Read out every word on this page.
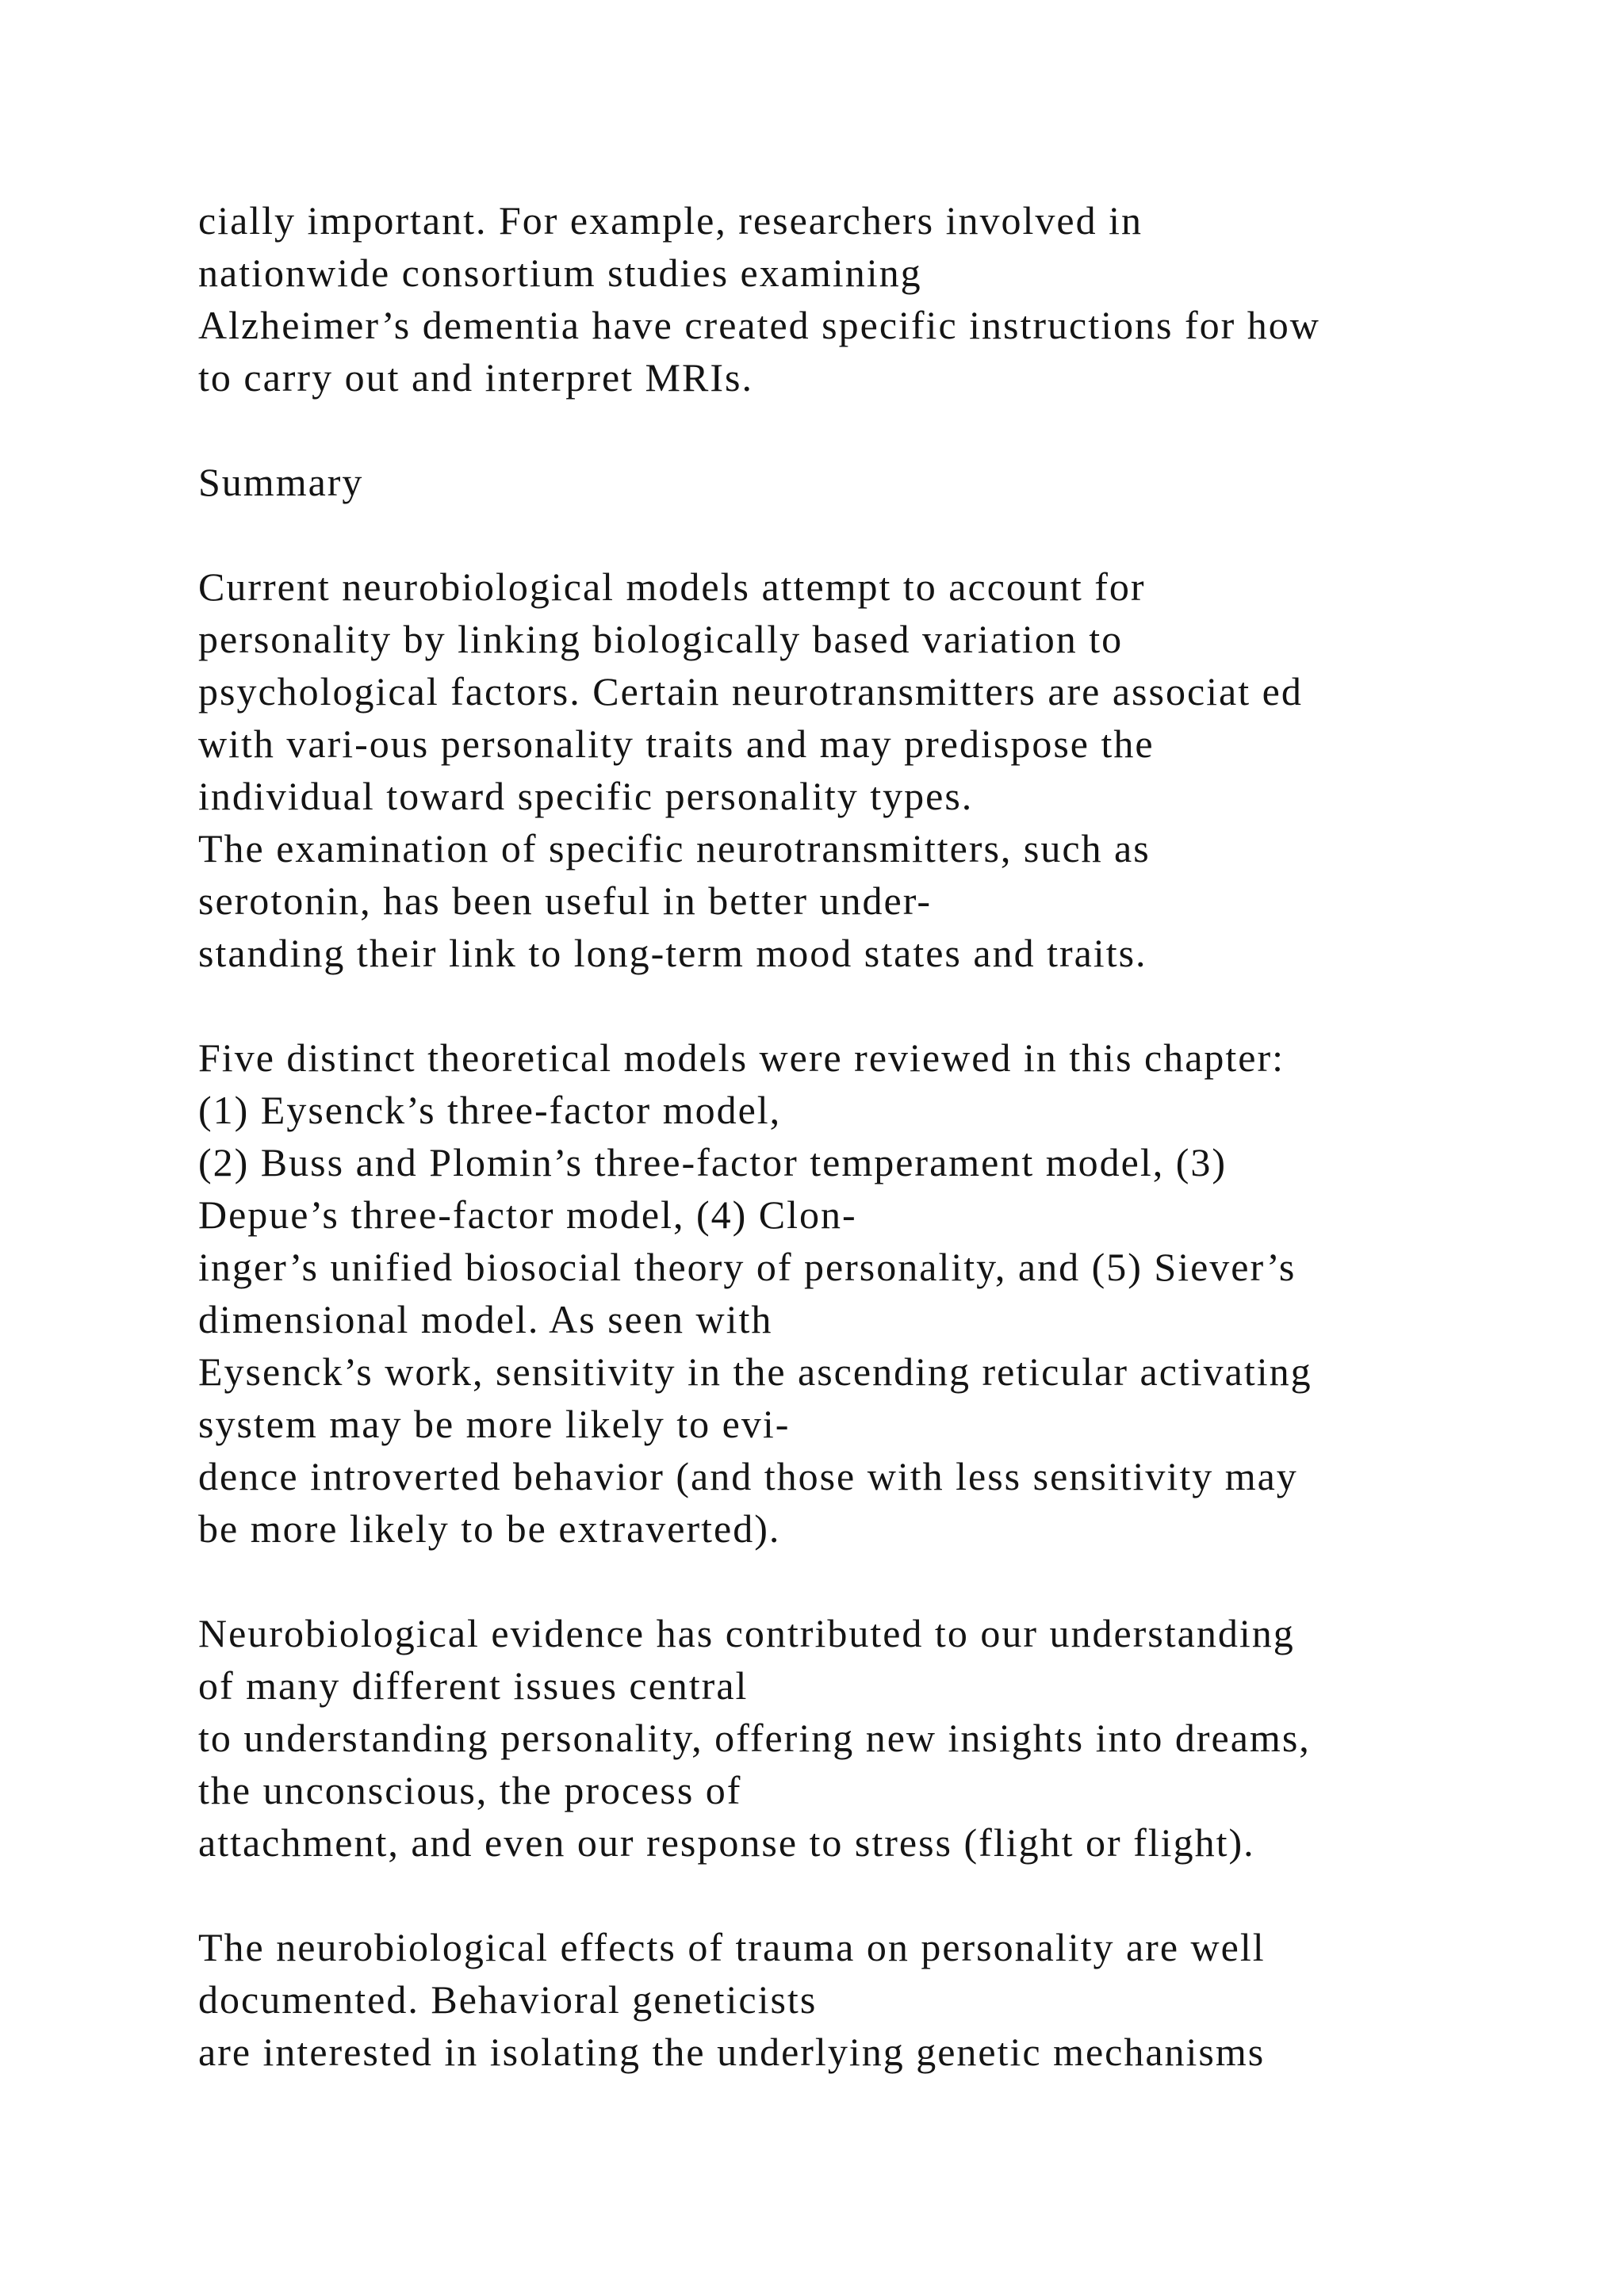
cially important. For example, researchers involved in
nationwide consortium studies examining
Alzheimer’s dementia have created specific instructions for how
to carry out and interpret MRIs.

Summary

Current neurobiological models attempt to account for
personality by linking biologically based variation to
psychological factors. Certain neurotransmitters are associat ed
with vari-ous personality traits and may predispose the
individual toward specific personality types.
The examination of specific neurotransmitters, such as
serotonin, has been useful in better under-
standing their link to long-term mood states and traits.

Five distinct theoretical models were reviewed in this chapter:
(1) Eysenck’s three-factor model,
(2) Buss and Plomin’s three-factor temperament model, (3)
Depue’s three-factor model, (4) Clon-
inger’s unified biosocial theory of personality, and (5) Siever’s
dimensional model. As seen with
Eysenck’s work, sensitivity in the ascending reticular activating
system may be more likely to evi-
dence introverted behavior (and those with less sensitivity may
be more likely to be extraverted).

Neurobiological evidence has contributed to our understanding
of many different issues central
to understanding personality, offering new insights into dreams,
the unconscious, the process of
attachment, and even our response to stress (flight or flight).

The neurobiological effects of trauma on personality are well
documented. Behavioral geneticists
are interested in isolating the underlying genetic mechanisms
